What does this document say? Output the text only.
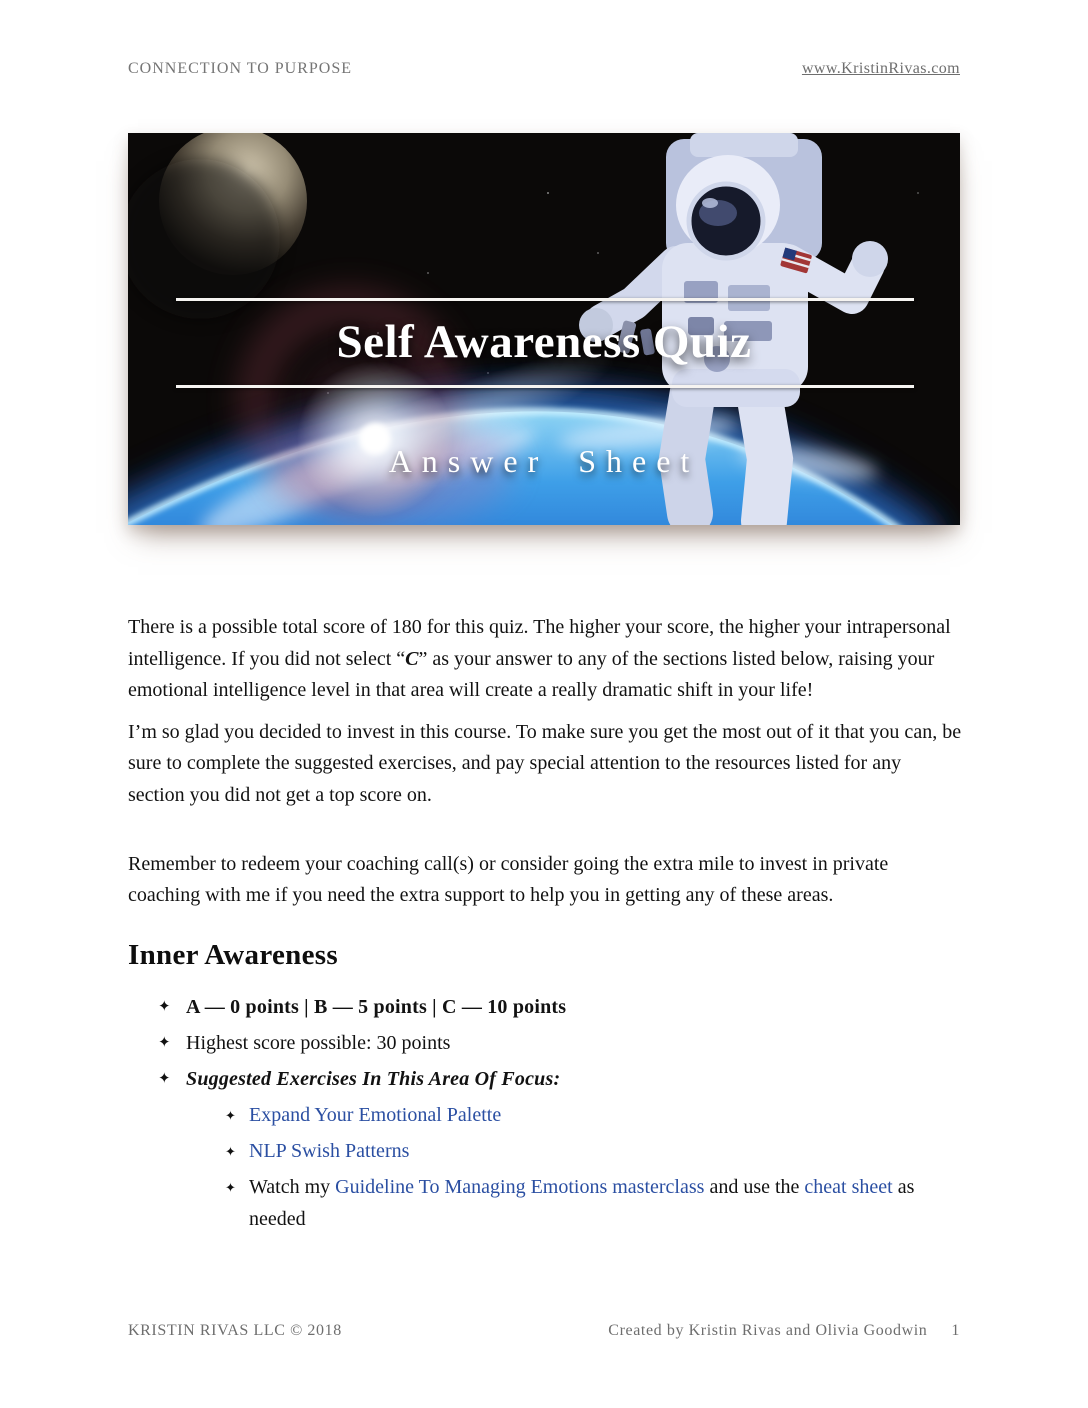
CONNECTION TO PURPOSE	www.KristinRivas.com
Self Awareness Quiz
Answer Sheet

There is a possible total score of 180 for this quiz. The higher your score, the higher your intrapersonal intelligence. If you did not select “C” as your answer to any of the sections listed below, raising your emotional intelligence level in that area will create a really dramatic shift in your life!

I’m so glad you decided to invest in this course. To make sure you get the most out of it that you can, be sure to complete the suggested exercises, and pay special attention to the resources listed for any section you did not get a top score on.

Remember to redeem your coaching call(s) or consider going the extra mile to invest in private coaching with me if you need the extra support to help you in getting any of these areas.

Inner Awareness
✦ A — 0 points | B — 5 points | C — 10 points
✦ Highest score possible: 30 points
✦ Suggested Exercises In This Area Of Focus:
✦ Expand Your Emotional Palette
✦ NLP Swish Patterns
✦ Watch my Guideline To Managing Emotions masterclass and use the cheat sheet as needed
KRISTIN RIVAS LLC © 2018	Created by Kristin Rivas and Olivia Goodwin 1
